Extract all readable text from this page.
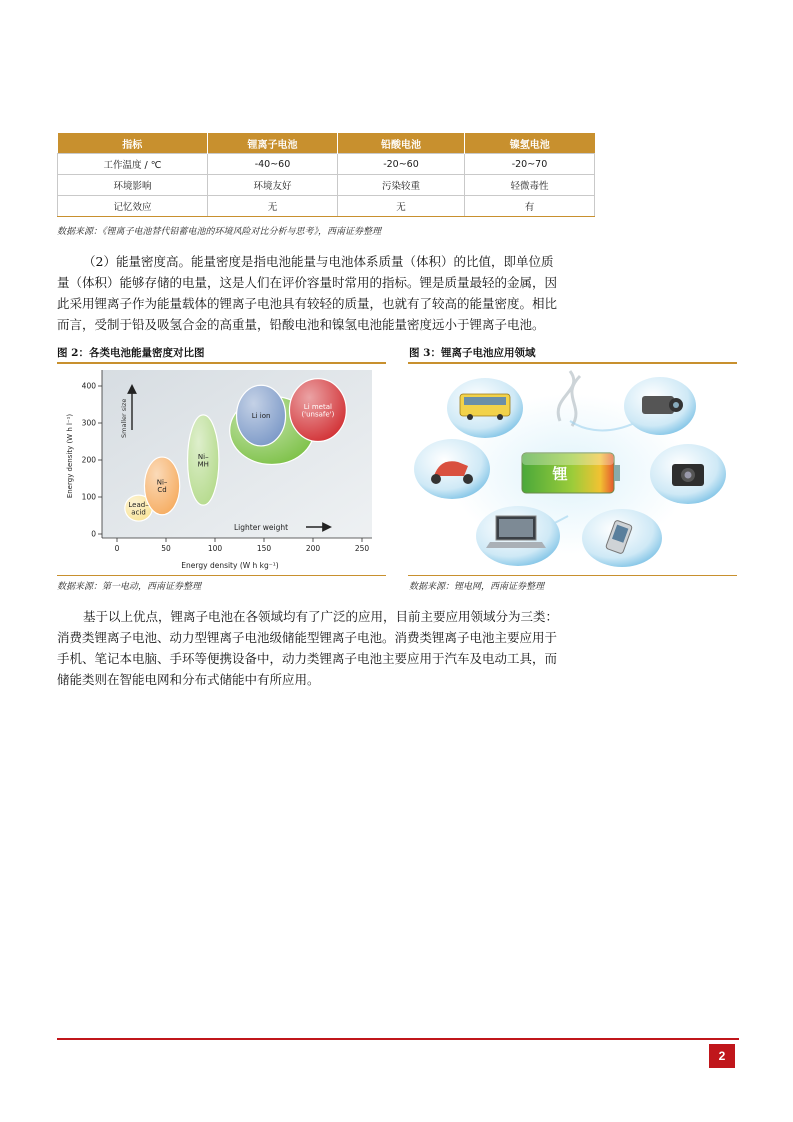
指标	锂离子电池	铅酸电池	镍氢电池
工作温度 / ℃	-40~60	-20~60	-20~70
环境影响	环境友好	污染较重	轻微毒性
记忆效应	无	无	有
数据来源：《锂离子电池替代铅蓄电池的环境风险对比分析与思考》，西南证券整理

（2）能量密度高。能量密度是指电池能量与电池体系质量（体积）的比值，即单位质

量（体积）能够存储的电量，这是人们在评价容量时常用的指标。锂是质量最轻的金属，因

此采用锂离子作为能量载体的锂离子电池具有较轻的质量，也就有了较高的能量密度。相比

而言，受制于铅及吸氢合金的高重量，铅酸电池和镍氢电池能量密度远小于锂离子电池。

图 2：各类电池能量密度对比图
Lead–
acid
Ni–
Cd
Ni–
MH
Li ion
Li metal
('unsafe')
0	50	100	150	200	250
0
100
200
300
400
Smaller size
Lighter weight
Energy density (W h kg⁻¹)
Energy density (W h l⁻¹)
数据来源：第一电动，西南证券整理
图 3：锂离子电池应用领域
锂
数据来源：锂电网，西南证券整理

基于以上优点，锂离子电池在各领域均有了广泛的应用，目前主要应用领域分为三类：

消费类锂离子电池、动力型锂离子电池级储能型锂离子电池。消费类锂离子电池主要应用于

手机、笔记本电脑、手环等便携设备中，动力类锂离子电池主要应用于汽车及电动工具，而

储能类则在智能电网和分布式储能中有所应用。

2
